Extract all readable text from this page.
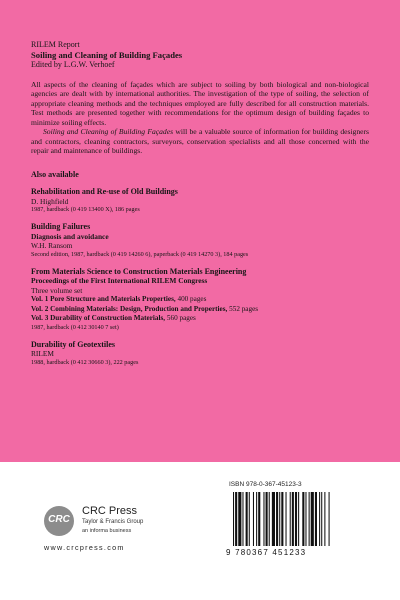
RILEM Report
Soiling and Cleaning of Building Façades
Edited by L.G.W. Verhoef
All aspects of the cleaning of façades which are subject to soiling by both biological and non-biological agencies are dealt with by international authorities. The investigation of the type of soiling, the selection of appropriate cleaning methods and the techniques employed are fully described for all construction materials. Test methods are presented together with recommendations for the optimum design of building façades to minimize soiling effects.
Soiling and Cleaning of Building Façades will be a valuable source of information for building designers and contractors, cleaning contractors, surveyors, conservation specialists and all those concerned with the repair and maintenance of buildings.
Also available
Rehabilitation and Re-use of Old Buildings
D. Highfield
1987, hardback (0 419 13400 X), 186 pages
Building Failures
Diagnosis and avoidance
W.H. Ransom
Second edition, 1987, hardback (0 419 14260 6), paperback (0 419 14270 3), 184 pages
From Materials Science to Construction Materials Engineering
Proceedings of the First International RILEM Congress
Three volume set
Vol. 1 Pore Structure and Materials Properties, 400 pages
Vol. 2 Combining Materials: Design, Production and Properties, 552 pages
Vol. 3 Durability of Construction Materials, 560 pages
1987, hardback (0 412 30140 7 set)
Durability of Geotextiles
RILEM
1988, hardback (0 412 30660 3), 222 pages
CRC
CRC Press
Taylor & Francis Group
an informa business
www.crcpress.com
ISBN 978-0-367-45123-3
9 780367 451233
